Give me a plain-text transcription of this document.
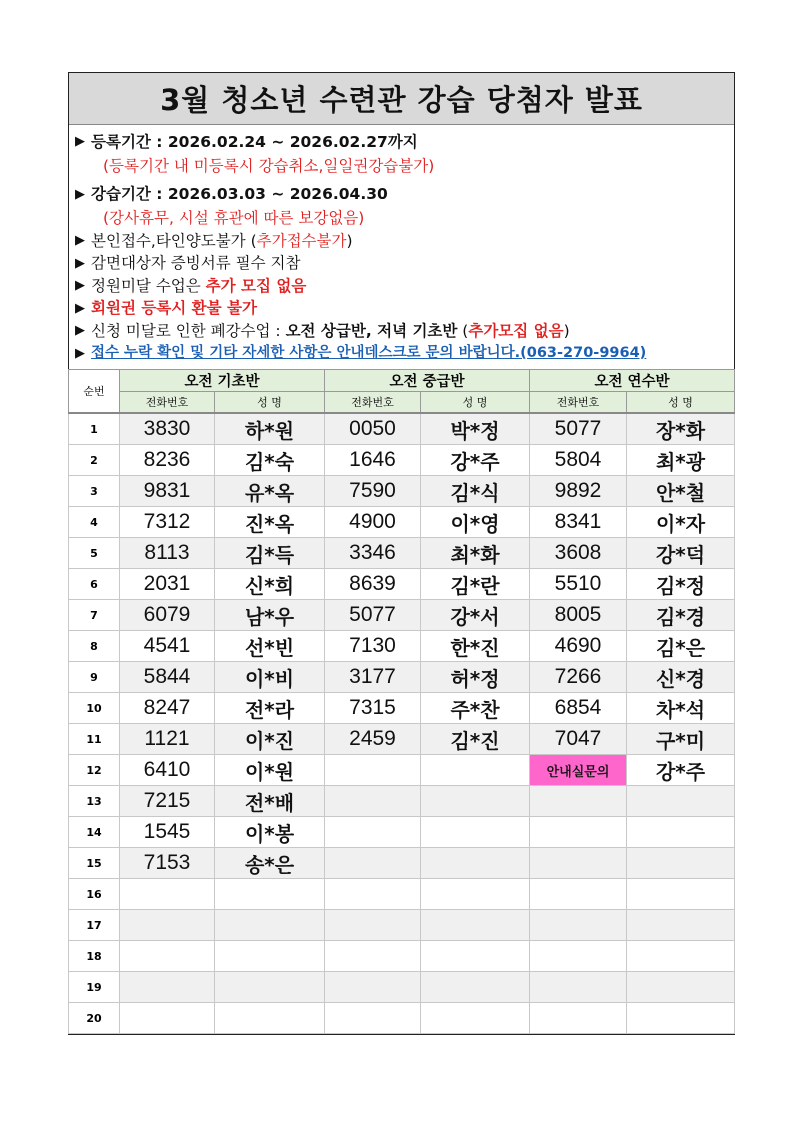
3월 청소년 수련관 강습 당첨자 발표
▶ 등록기간 : 2026.02.24 ~ 2026.02.27까지
(등록기간 내 미등록시 강습취소,일일권강습불가)
▶ 강습기간 : 2026.03.03 ~ 2026.04.30
(강사휴무, 시설 휴관에 따른 보강없음)
▶ 본인접수,타인양도불가 ( 추가접수불가 )
▶ 감면대상자 증빙서류 필수 지참
▶ 정원미달 수업은 추가 모집 없음
▶ 회원권 등록시 환불 불가
▶ 신청 미달로 인한 폐강수업 : 오전 상급반, 저녁 기초반 ( 추가모집 없음 )
▶ 접수 누락 확인 및 기타 자세한 사항은 안내데스크로 문의 바랍니다.(063-270-9964)
순번	오전 기초반		오전 중급반		오전 연수반	
	전화번호	성 명	전화번호	성 명	전화번호	성 명
1	3830	하*원	0050	박*정	5077	장*화
2	8236	김*숙	1646	강*주	5804	최*광
3	9831	유*옥	7590	김*식	9892	안*철
4	7312	진*옥	4900	이*영	8341	이*자
5	8113	김*득	3346	최*화	3608	강*덕
6	2031	신*희	8639	김*란	5510	김*정
7	6079	남*우	5077	강*서	8005	김*경
8	4541	선*빈	7130	한*진	4690	김*은
9	5844	이*비	3177	허*정	7266	신*경
10	8247	전*라	7315	주*찬	6854	차*석
11	1121	이*진	2459	김*진	7047	구*미
12	6410	이*원			안내실문의	강*주
13	7215	전*배				
14	1545	이*봉				
15	7153	송*은				
16						
17						
18						
19						
20						
